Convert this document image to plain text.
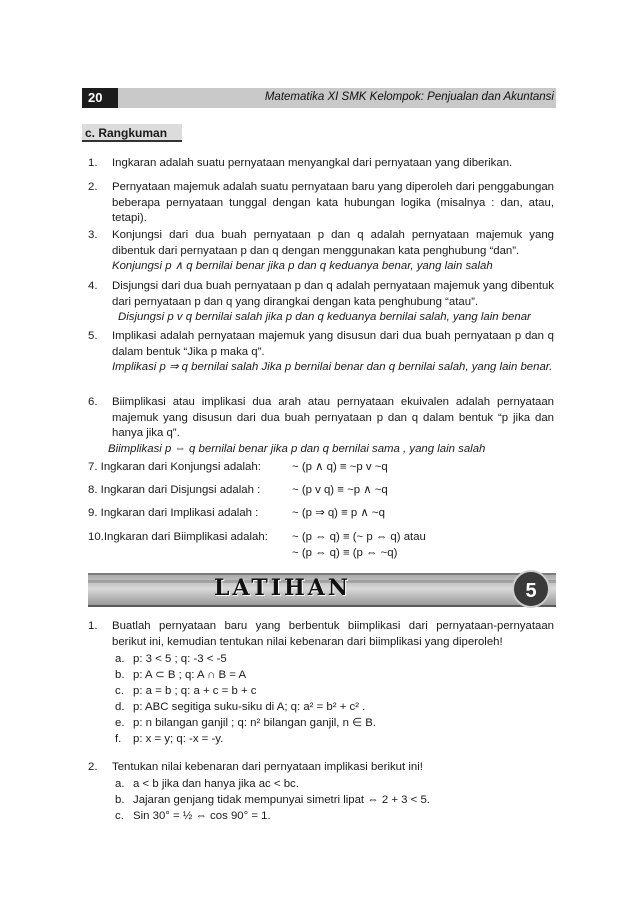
20	Matematika XI SMK Kelompok: Penjualan dan Akuntansi
c. Rangkuman
1. Ingkaran adalah suatu pernyataan menyangkal dari pernyataan yang diberikan.
2. Pernyataan majemuk adalah suatu pernyataan baru yang diperoleh dari penggabungan beberapa pernyataan tunggal dengan kata hubungan logika (misalnya : dan, atau, tetapi).
3. Konjungsi dari dua buah pernyataan p dan q adalah pernyataan majemuk yang dibentuk dari pernyataan p dan q dengan menggunakan kata penghubung “dan”.
Konjungsi p ∧ q bernilai benar jika p dan q keduanya benar, yang lain salah
4. Disjungsi dari dua buah pernyataan p dan q adalah pernyataan majemuk yang dibentuk dari pernyataan p dan q yang dirangkai dengan kata penghubung “atau”.
Disjungsi p v q bernilai salah jika p dan q keduanya bernilai salah, yang lain benar
5. Implikasi adalah pernyataan majemuk yang disusun dari dua buah pernyataan p dan q dalam bentuk “Jika p maka q”.
Implikasi p ⇒ q bernilai salah Jika p bernilai benar dan q bernilai salah, yang lain benar.
6. Biimplikasi atau implikasi dua arah atau pernyataan ekuivalen adalah pernyataan majemuk yang disusun dari dua buah pernyataan p dan q dalam bentuk “p jika dan hanya jika q”.
Biimplikasi p ⇔ q bernilai benar jika p dan q bernilai sama , yang lain salah
7. Ingkaran dari Konjungsi adalah:	~ (p ∧ q) ≡ ~p v ~q
8. Ingkaran dari Disjungsi adalah :	~ (p v q) ≡ ~p ∧ ~q
9. Ingkaran dari Implikasi adalah :	~ (p ⇒ q) ≡ p ∧ ~q
10.Ingkaran dari Biimplikasi adalah: ~ (p ⇔ q) ≡ (~ p ⇔ q) atau
~ (p ⇔ q) ≡ (p ⇔ ~q)
LATIHAN	5
1. Buatlah pernyataan baru yang berbentuk biimplikasi dari pernyataan-pernyataan berikut ini, kemudian tentukan nilai kebenaran dari biimplikasi yang diperoleh!
a. p: 3 < 5 ; q: -3 < -5
b. p: A ⊂ B ; q: A ∩ B = A
c. p: a = b ; q: a + c = b + c
d. p: ABC segitiga suku-siku di A; q: a² = b² + c² .
e. p: n bilangan ganjil ; q: n² bilangan ganjil, n ∈ B.
f. p: x = y; q: -x = -y.
2. Tentukan nilai kebenaran dari pernyataan implikasi berikut ini!
a. a < b jika dan hanya jika ac < bc.
b. Jajaran genjang tidak mempunyai simetri lipat ⇔ 2 + 3 < 5.
c. Sin 30° = ½ ⇔ cos 90° = 1.
